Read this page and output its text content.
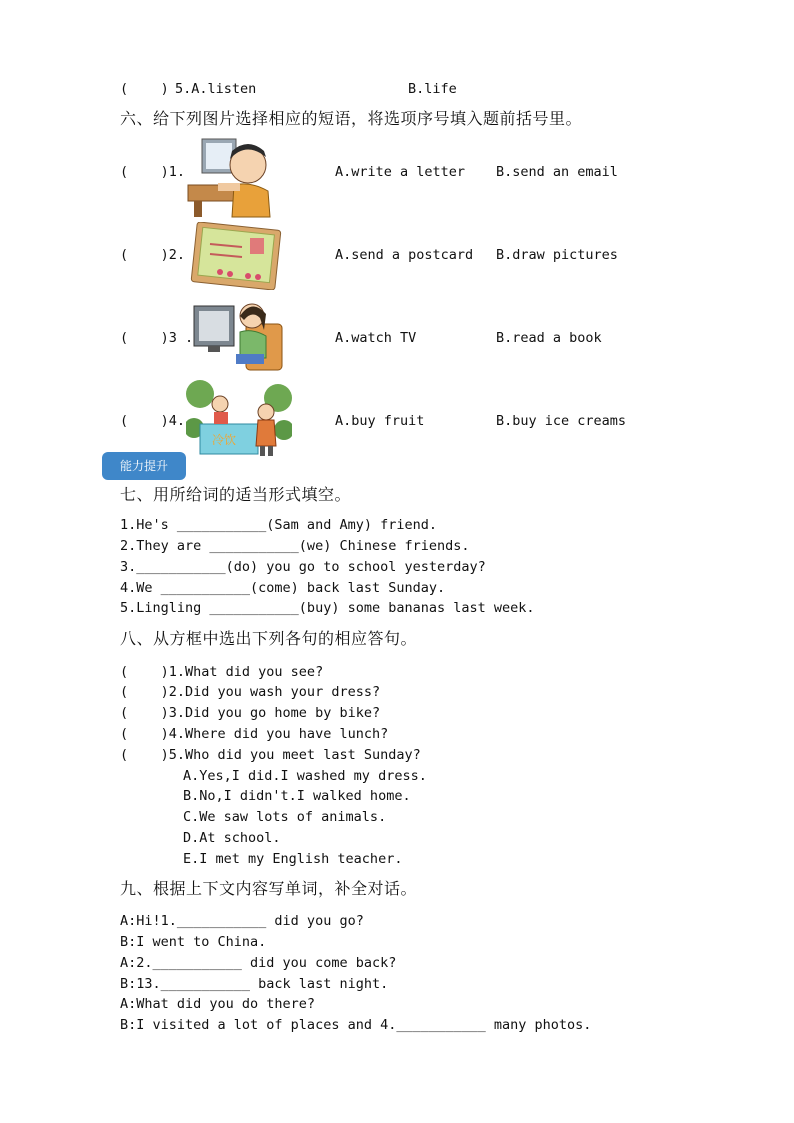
(    ) 5.A.listen	B.life
六、给下列图片选择相应的短语，将选项序号填入题前括号里。
(    )1.	A.write a letter B.send an email
(    )2.	A.send a postcard B.draw pictures
(    )3 .	A.watch TV	B.read a book
(    )4.
冷饮
A.buy fruit	B.buy ice creams
能力提升
七、用所给词的适当形式填空。
1.He's ___________(Sam and Amy) friend.
2.They are ___________(we) Chinese friends.
3.___________(do) you go to school yesterday?
4.We ___________(come) back last Sunday.
5.Lingling ___________(buy) some bananas last week.
八、从方框中选出下列各句的相应答句。
(    )1.What did you see?
(    )2.Did you wash your dress?
(    )3.Did you go home by bike?
(    )4.Where did you have lunch?
(    )5.Who did you meet last Sunday?
A.Yes,I did.I washed my dress.
B.No,I didn't.I walked home.
C.We saw lots of animals.
D.At school.
E.I met my English teacher.
九、根据上下文内容写单词，补全对话。
A:Hi!1.___________ did you go?
B:I went to China.
A:2.___________ did you come back?
B:13.___________ back last night.
A:What did you do there?
B:I visited a lot of places and 4.___________ many photos.
